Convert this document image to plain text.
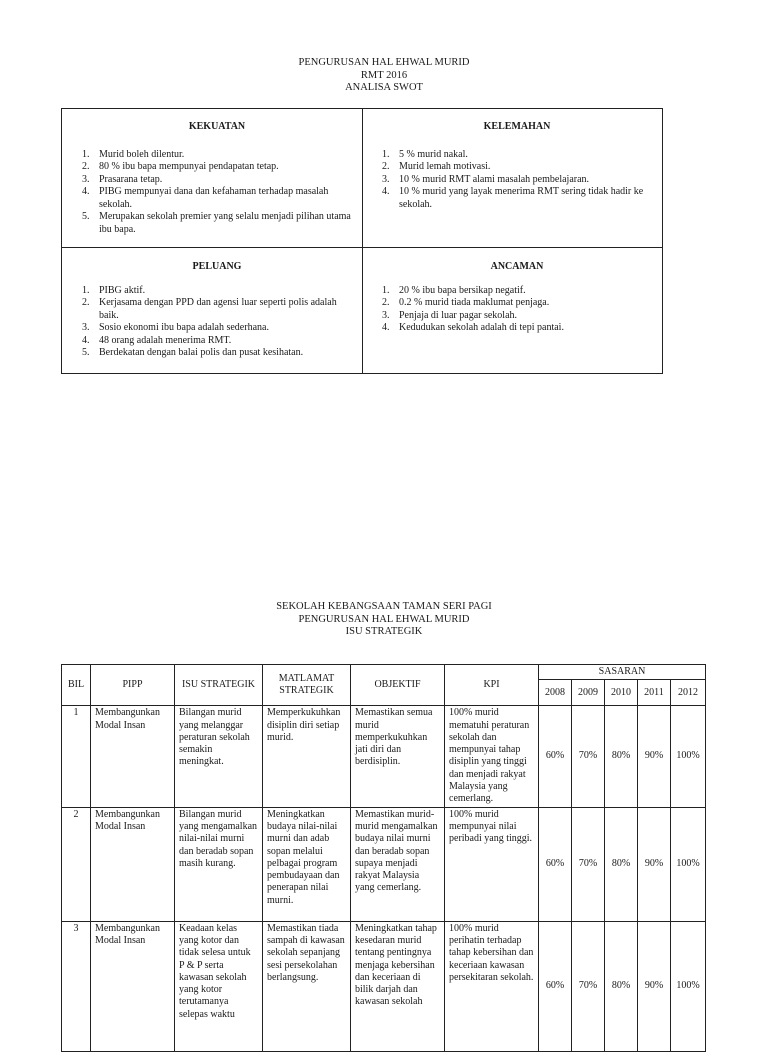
PENGURUSAN HAL EHWAL MURID
RMT 2016
ANALISA SWOT
KEKUATAN
1. Murid boleh dilentur.
2. 80 % ibu bapa mempunyai pendapatan tetap.
3. Prasarana tetap.
4. PIBG mempunyai dana dan kefahaman terhadap masalah sekolah.
5. Merupakan sekolah premier yang selalu menjadi pilihan utama ibu bapa.
KELEMAHAN
1. 5 % murid nakal.
2. Murid lemah motivasi.
3. 10 % murid RMT alami masalah pembelajaran.
4. 10 % murid yang layak menerima RMT sering tidak hadir ke sekolah.
PELUANG
1. PIBG aktif.
2. Kerjasama dengan PPD dan agensi luar seperti polis adalah baik.
3. Sosio ekonomi ibu bapa adalah sederhana.
4. 48 orang adalah menerima RMT.
5. Berdekatan dengan balai polis dan pusat kesihatan.
ANCAMAN
1. 20 % ibu bapa bersikap negatif.
2. 0.2 % murid tiada maklumat penjaga.
3. Penjaja di luar pagar sekolah.
4. Kedudukan sekolah adalah di tepi pantai.
SEKOLAH KEBANGSAAN TAMAN SERI PAGI
PENGURUSAN HAL EHWAL MURID
ISU STRATEGIK
BIL	PIPP	ISU STRATEGIK	MATLAMAT STRATEGIK	OBJEKTIF	KPI	SASARAN				
						2008	2009	2010	2011	2012
1	Membangunkan Modal Insan	Bilangan murid yang melanggar peraturan sekolah semakin meningkat.	Memperkukuhkan disiplin diri setiap murid.	Memastikan semua murid memperkukuhkan jati diri dan berdisiplin.	100% murid mematuhi peraturan sekolah dan mempunyai tahap disiplin yang tinggi dan menjadi rakyat Malaysia yang cemerlang.	60%	70%	80%	90%	100%
2	Membangunkan Modal Insan	Bilangan murid yang mengamalkan nilai-nilai murni dan beradab sopan masih kurang.	Meningkatkan budaya nilai-nilai murni dan adab sopan melalui pelbagai program pembudayaan dan penerapan nilai murni.	Memastikan murid-murid mengamalkan budaya nilai murni dan beradab sopan supaya menjadi rakyat Malaysia yang cemerlang.	100% murid mempunyai nilai peribadi yang tinggi.	60%	70%	80%	90%	100%
3	Membangunkan Modal Insan	Keadaan kelas yang kotor dan tidak selesa untuk P & P serta kawasan sekolah yang kotor terutamanya selepas waktu	Memastikan tiada sampah di kawasan sekolah sepanjang sesi persekolahan berlangsung.	Meningkatkan tahap kesedaran murid tentang pentingnya menjaga kebersihan dan keceriaan di bilik darjah dan kawasan sekolah	100% murid perihatin terhadap tahap kebersihan dan keceriaan kawasan persekitaran sekolah.	60%	70%	80%	90%	100%
